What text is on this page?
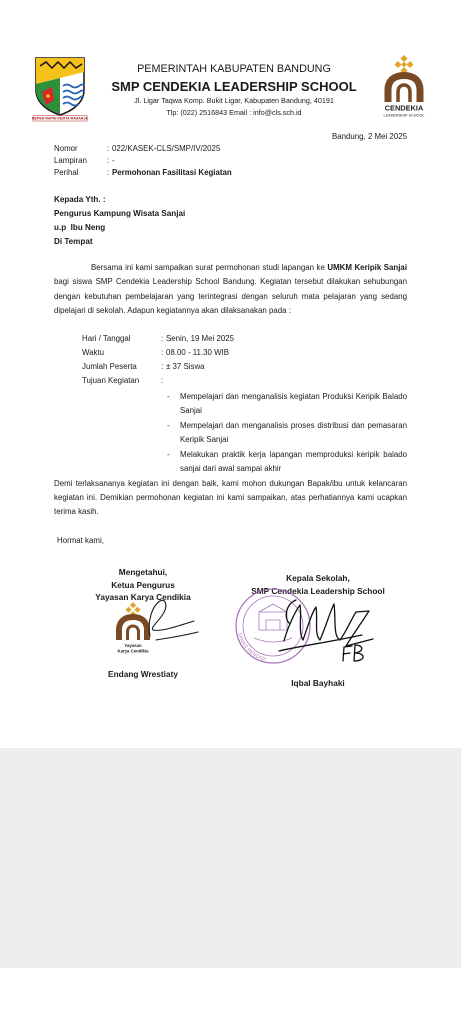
REPEH RAPIH KERTA RAHARJA
PEMERINTAH KABUPATEN BANDUNG
SMP CENDEKIA LEADERSHIP SCHOOL
Jl. Ligar Taqwa Komp. Bukit Ligar, Kabupaten Bandung, 40191
Tlp: (022) 2516843 Email : info@cls.sch.id	CENDEKIA
LEADERSHIP SCHOOL
Bandung, 2 Mei 2025
Nomor	: 022/KASEK-CLS/SMP/IV/2025
Lampiran	: -
Perihal	: Permohonan Fasilitasi Kegiatan
Kepada Yth. :
Pengurus Kampung Wisata Sanjai
u.p  Ibu Neng
Di Tempat
Bersama ini kami sampaikan surat permohonan studi lapangan ke UMKM Keripik Sanjai bagi siswa SMP Cendekia Leadership School Bandung. Kegiatan tersebut dilakukan sehubungan dengan kebutuhan pembelajaran yang terintegrasi dengan seluruh mata pelajaran yang sedang dipelajari di sekolah. Adapun kegiatannya akan dilaksanakan pada :
Hari / Tanggal	: Senin, 19 Mei 2025
Waktu	: 08.00 - 11.30 WIB
Jumlah Peserta	: ± 37 Siswa
Tujuan Kegiatan	:
-	Mempelajari dan menganalisis kegiatan Produksi Keripik Balado Sanjai
-	Mempelajari dan menganalisis proses distribusi dan pemasaran Keripik Sanjai
-	Melakukan praktik kerja lapangan memproduksi keripik balado sanjai dari awal sampai akhir
Demi terlaksananya kegiatan ini dengan baik, kami mohon dukungan Bapak/ibu untuk kelancaran kegiatan ini. Demikian permohonan kegiatan ini kami sampaikan, atas perhatiannya kami ucapkan terima kasih.
Hormat kami,
Mengetahui,
Ketua Pengurus
Yayasan Karya Cendikia
Yayasan
Karya Cendikia
Endang Wrestiaty
Kepala Sekolah,
SMP Cendekia Leadership School
Iqbal Bayhaki
DINAS PENDIDI
